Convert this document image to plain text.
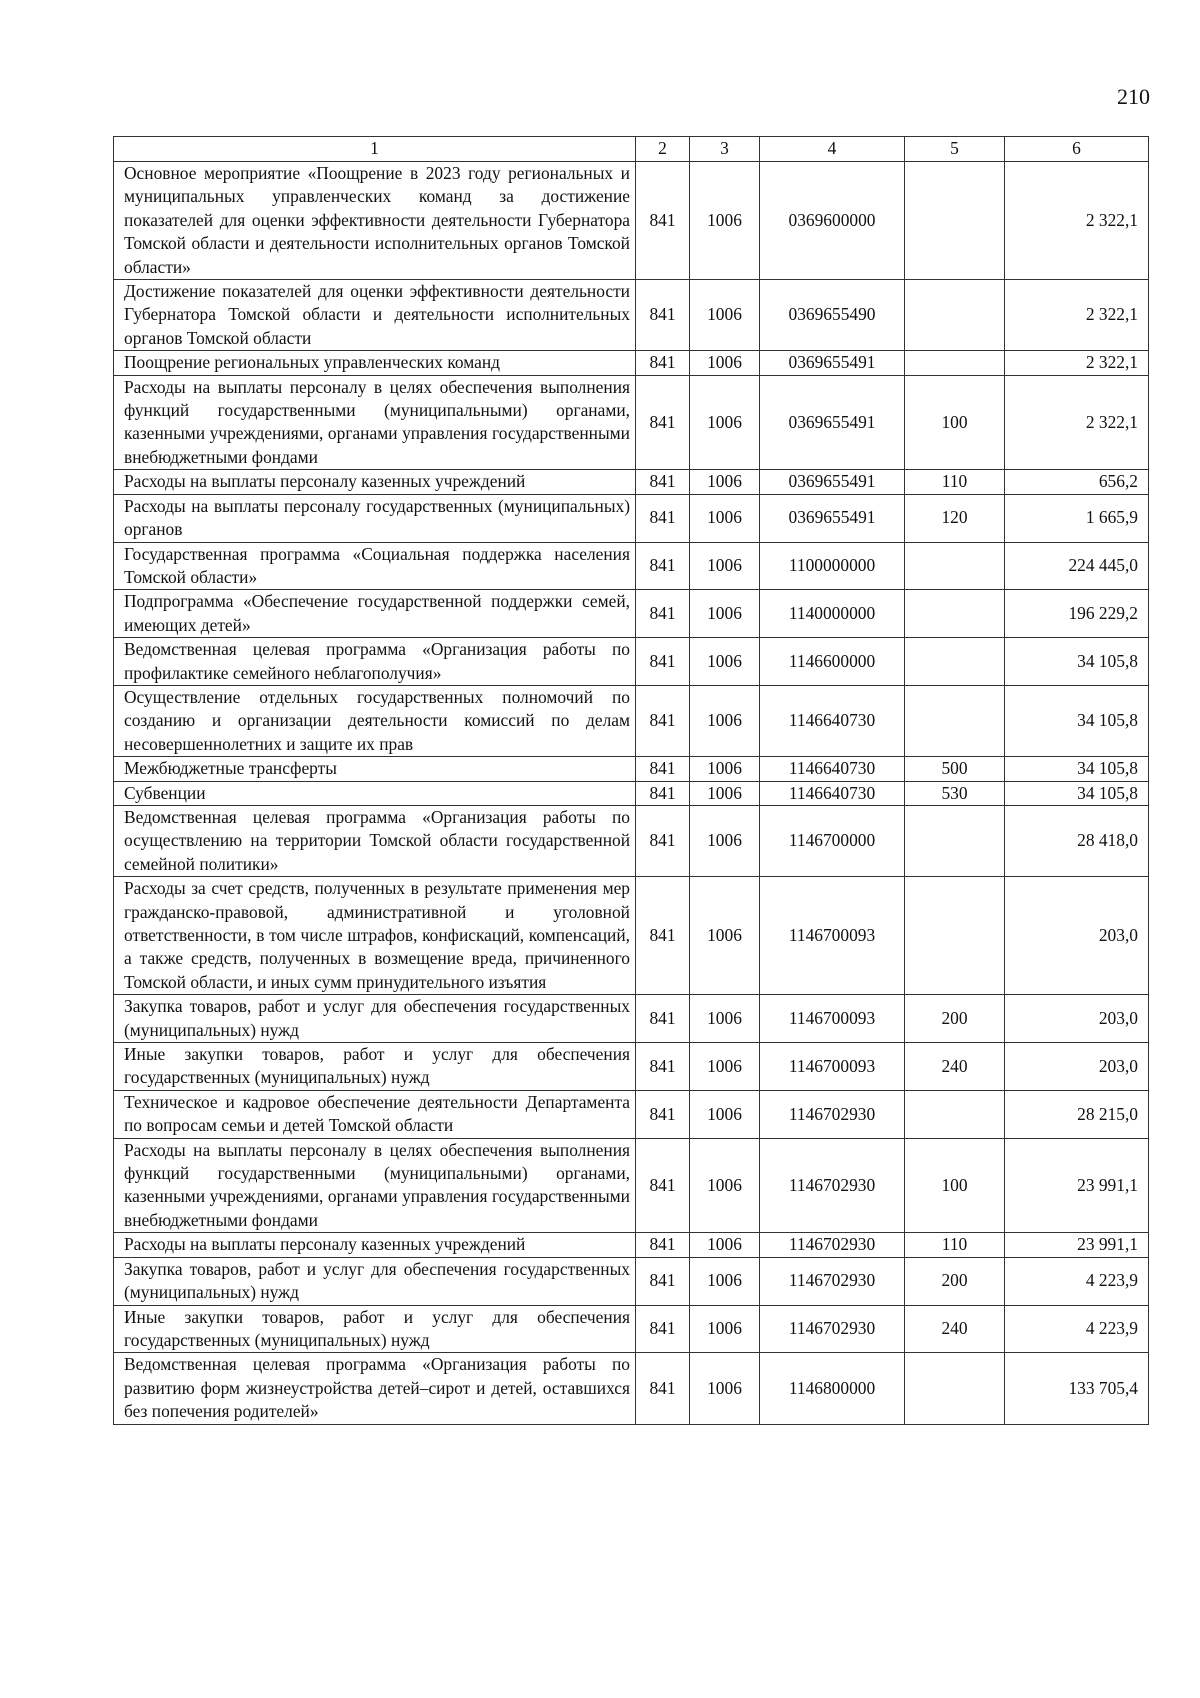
210
1	2	3	4	5	6
Основное мероприятие «Поощрение в 2023 году региональных и муниципальных управленческих команд за достижение показателей для оценки эффективности деятельности Губернатора Томской области и деятельности исполнительных органов Томской области»	841	1006	0369600000		2 322,1
Достижение показателей для оценки эффективности деятельности Губернатора Томской области и деятельности исполнительных органов Томской области	841	1006	0369655490		2 322,1
Поощрение региональных управленческих команд	841	1006	0369655491		2 322,1
Расходы на выплаты персоналу в целях обеспечения выполнения функций государственными (муниципальными) органами, казенными учреждениями, органами управления государственными внебюджетными фондами	841	1006	0369655491	100	2 322,1
Расходы на выплаты персоналу казенных учреждений	841	1006	0369655491	110	656,2
Расходы на выплаты персоналу государственных (муниципальных) органов	841	1006	0369655491	120	1 665,9
Государственная программа «Социальная поддержка населения Томской области»	841	1006	1100000000		224 445,0
Подпрограмма «Обеспечение государственной поддержки семей, имеющих детей»	841	1006	1140000000		196 229,2
Ведомственная целевая программа «Организация работы по профилактике семейного неблагополучия»	841	1006	1146600000		34 105,8
Осуществление отдельных государственных полномочий по созданию и организации деятельности комиссий по делам несовершеннолетних и защите их прав	841	1006	1146640730		34 105,8
Межбюджетные трансферты	841	1006	1146640730	500	34 105,8
Субвенции	841	1006	1146640730	530	34 105,8
Ведомственная целевая программа «Организация работы по осуществлению на территории Томской области государственной семейной политики»	841	1006	1146700000		28 418,0
Расходы за счет средств, полученных в результате применения мер гражданско-правовой, административной и уголовной ответственности, в том числе штрафов, конфискаций, компенсаций, а также средств, полученных в возмещение вреда, причиненного Томской области, и иных сумм принудительного изъятия	841	1006	1146700093		203,0
Закупка товаров, работ и услуг для обеспечения государственных (муниципальных) нужд	841	1006	1146700093	200	203,0
Иные закупки товаров, работ и услуг для обеспечения государственных (муниципальных) нужд	841	1006	1146700093	240	203,0
Техническое и кадровое обеспечение деятельности Департамента по вопросам семьи и детей Томской области	841	1006	1146702930		28 215,0
Расходы на выплаты персоналу в целях обеспечения выполнения функций государственными (муниципальными) органами, казенными учреждениями, органами управления государственными внебюджетными фондами	841	1006	1146702930	100	23 991,1
Расходы на выплаты персоналу казенных учреждений	841	1006	1146702930	110	23 991,1
Закупка товаров, работ и услуг для обеспечения государственных (муниципальных) нужд	841	1006	1146702930	200	4 223,9
Иные закупки товаров, работ и услуг для обеспечения государственных (муниципальных) нужд	841	1006	1146702930	240	4 223,9
Ведомственная целевая программа «Организация работы по развитию форм жизнеустройства детей–сирот и детей, оставшихся без попечения родителей»	841	1006	1146800000		133 705,4
